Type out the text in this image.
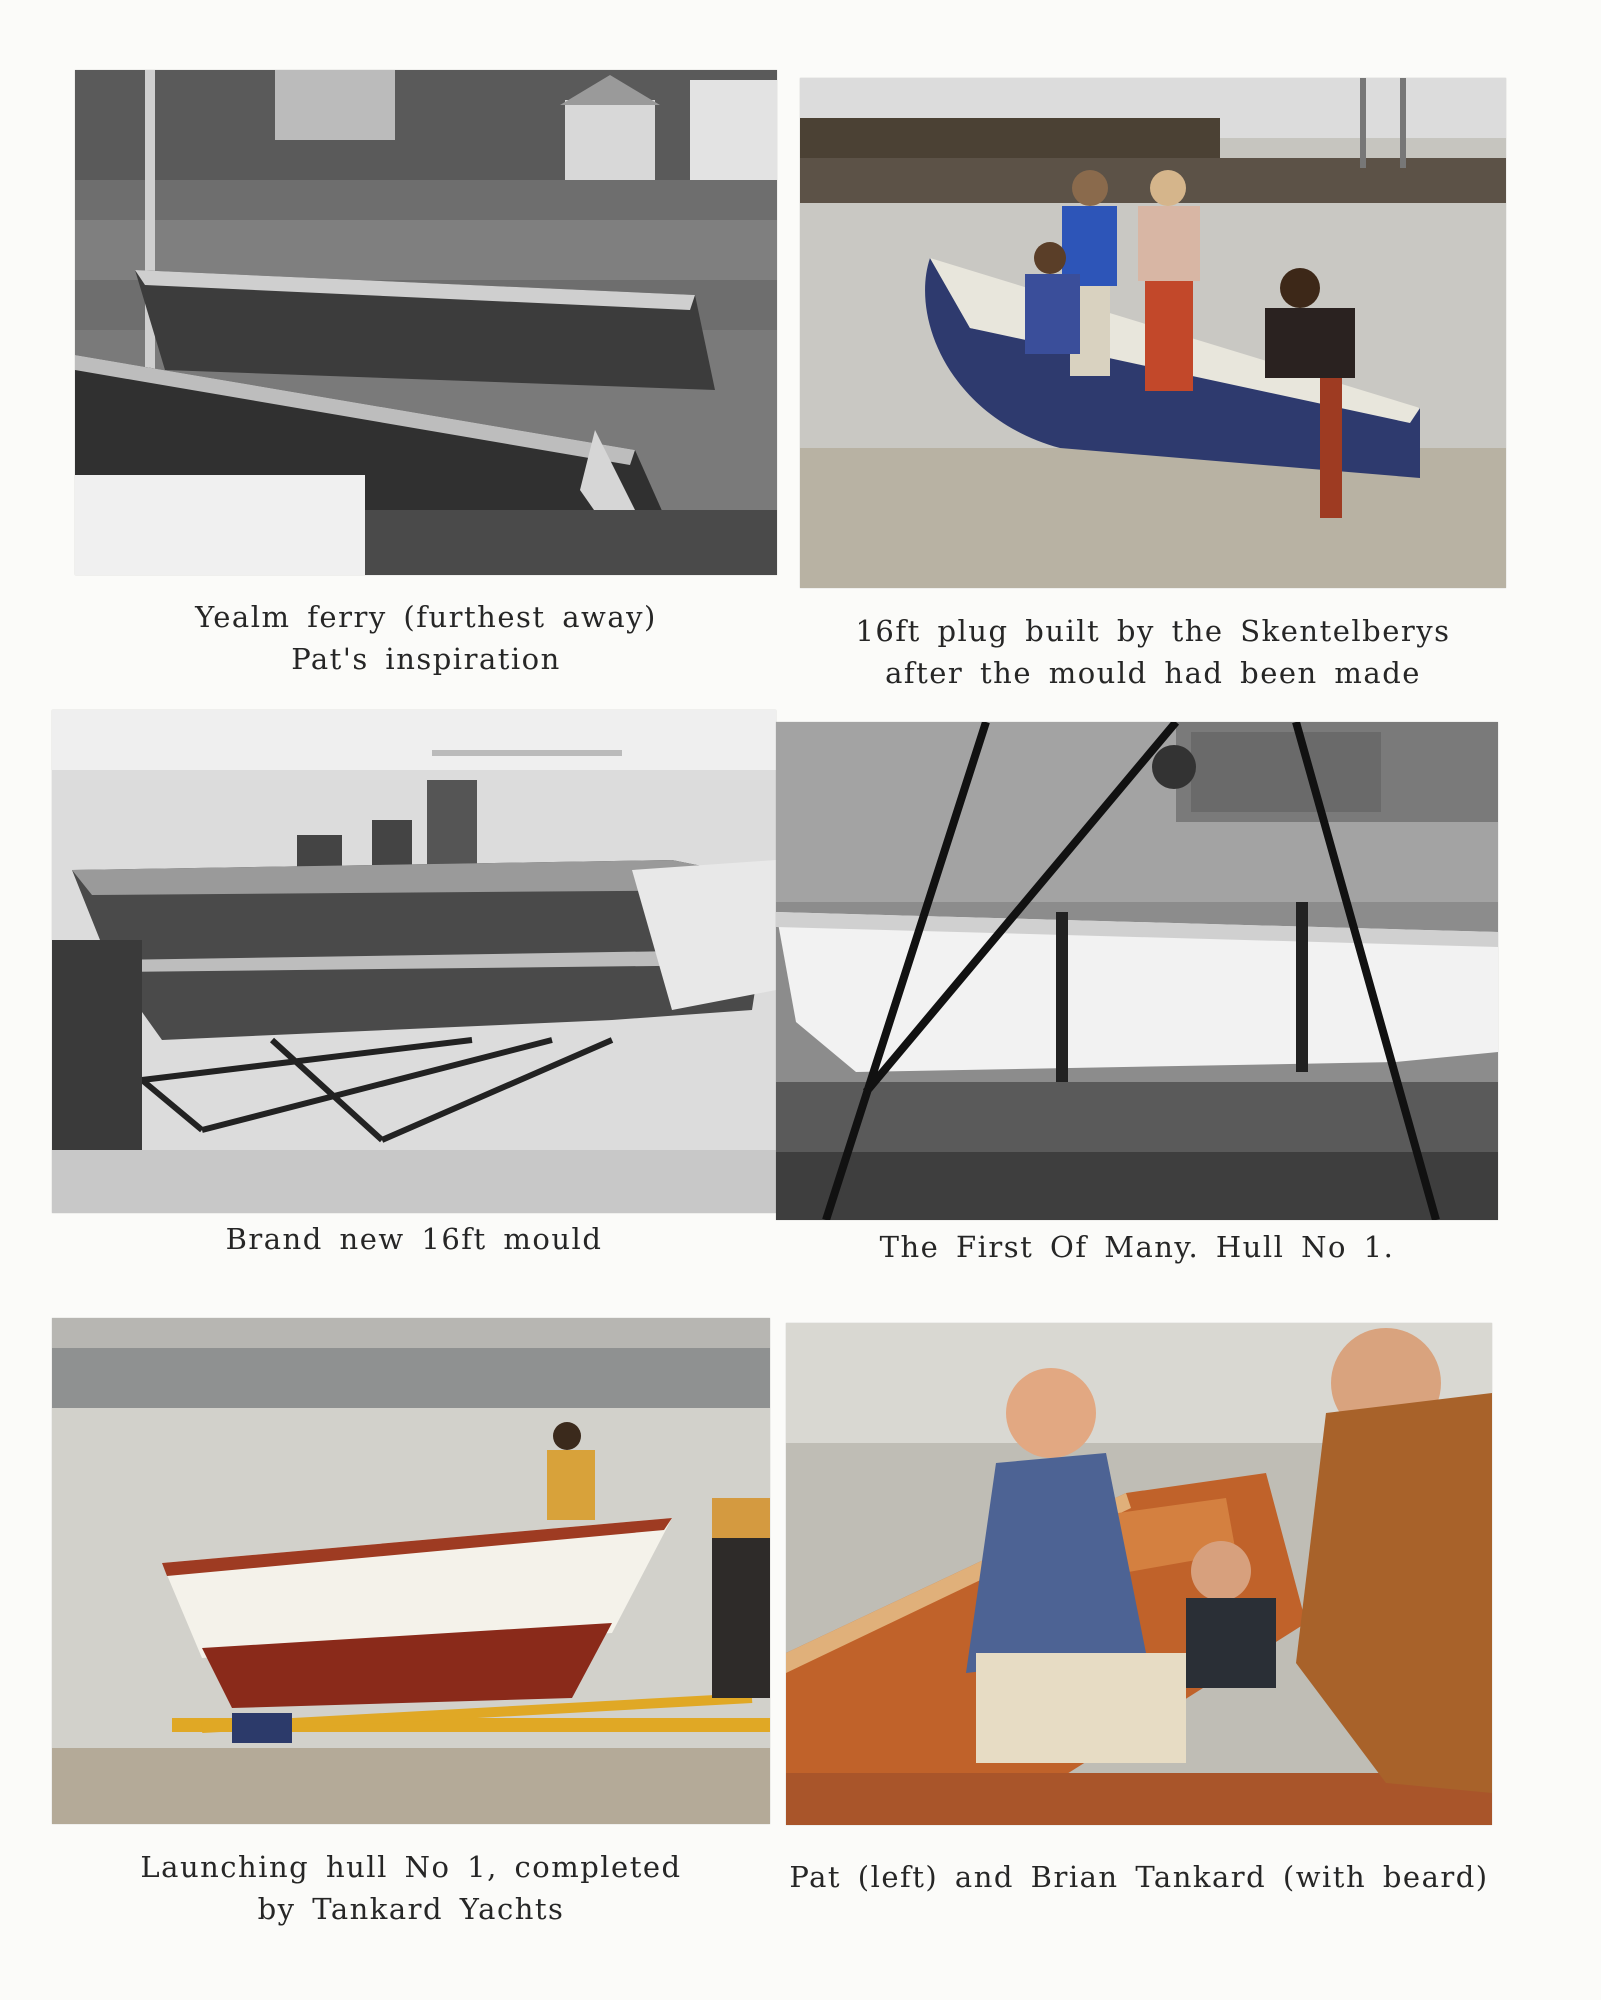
Yealm ferry (furthest away)
Pat's inspiration
16ft plug built by the Skentelberys
after the mould had been made
Brand new 16ft mould	The First Of Many. Hull No 1.
Launching hull No 1, completed
by Tankard Yachts
Pat (left) and Brian Tankard (with beard)
